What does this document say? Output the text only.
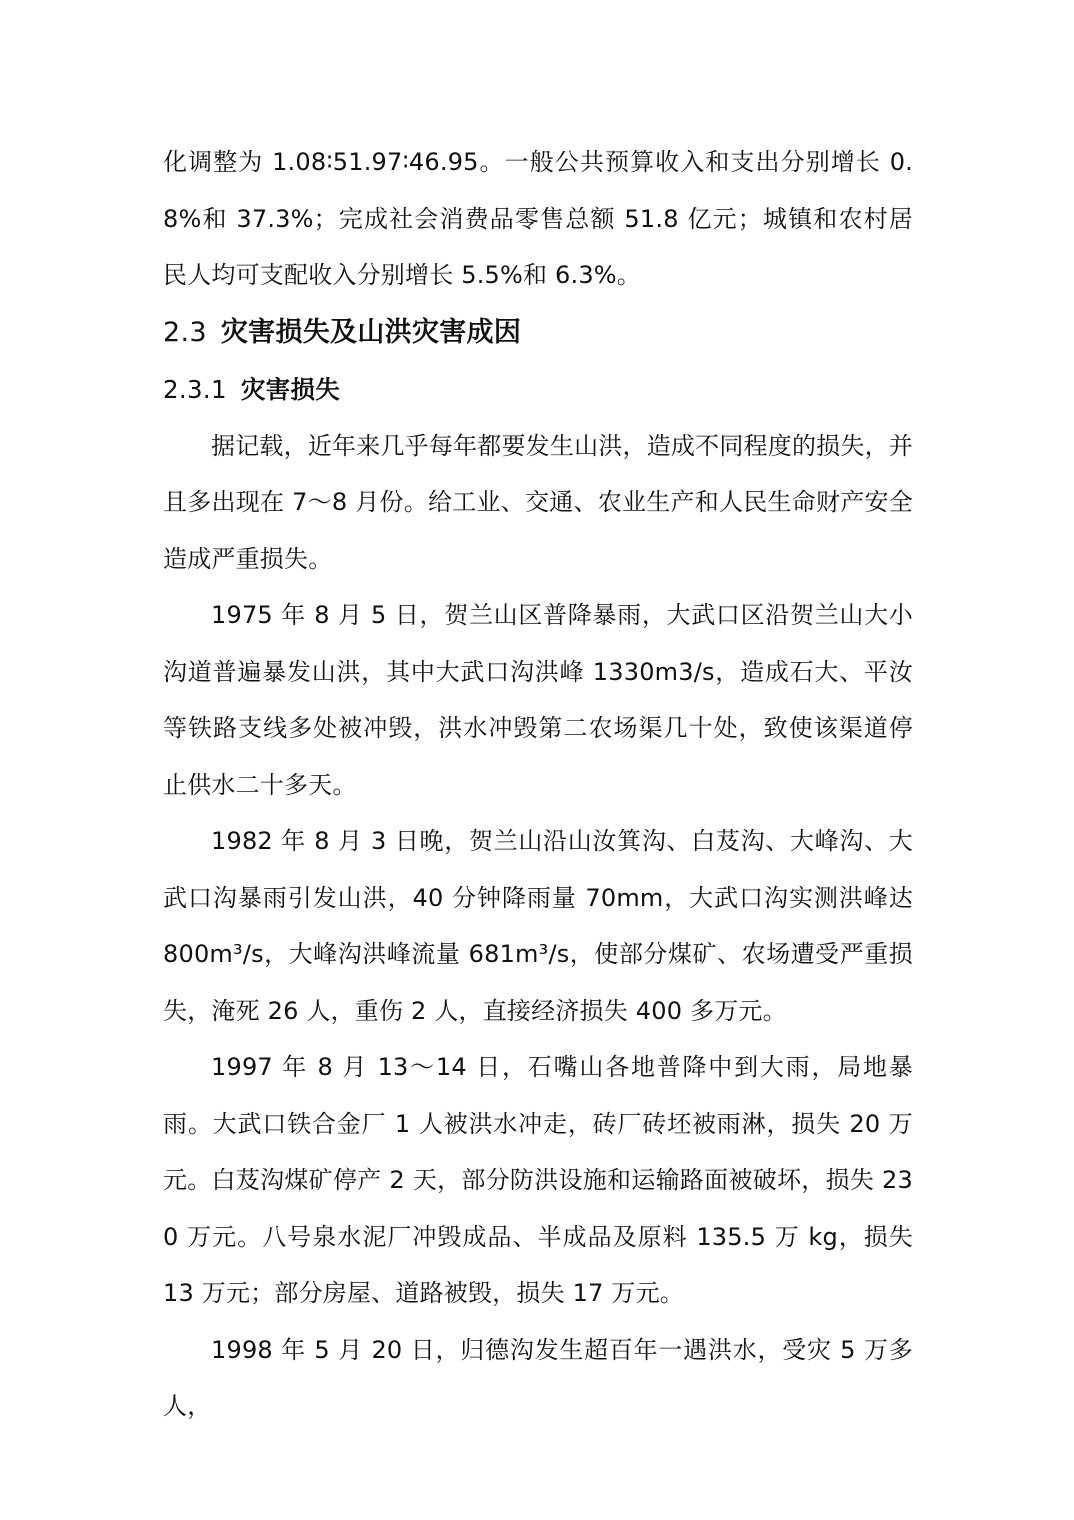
化调整为 1.08∶51.97∶46.95。一般公共预算收入和支出分别增长 0.8%和 37.3%；完成社会消费品零售总额 51.8 亿元；城镇和农村居民人均可支配收入分别增长 5.5%和 6.3%。

2.3 灾害损失及山洪灾害成因
2.3.1 灾害损失

据记载，近年来几乎每年都要发生山洪，造成不同程度的损失，并且多出现在 7～8 月份。给工业、交通、农业生产和人民生命财产安全造成严重损失。

1975 年 8 月 5 日，贺兰山区普降暴雨，大武口区沿贺兰山大小沟道普遍暴发山洪，其中大武口沟洪峰 1330m3/s，造成石大、平汝等铁路支线多处被冲毁，洪水冲毁第二农场渠几十处，致使该渠道停止供水二十多天。

1982 年 8 月 3 日晚，贺兰山沿山汝箕沟、白芨沟、大峰沟、大武口沟暴雨引发山洪，40 分钟降雨量 70mm，大武口沟实测洪峰达 800m³/s，大峰沟洪峰流量 681m³/s，使部分煤矿、农场遭受严重损失，淹死 26 人，重伤 2 人，直接经济损失 400 多万元。

1997 年 8 月 13～14 日，石嘴山各地普降中到大雨，局地暴雨。大武口铁合金厂 1 人被洪水冲走，砖厂砖坯被雨淋，损失 20 万元。白芨沟煤矿停产 2 天，部分防洪设施和运输路面被破坏，损失 230 万元。八号泉水泥厂冲毁成品、半成品及原料 135.5 万 kg，损失 13 万元；部分房屋、道路被毁，损失 17 万元。

1998 年 5 月 20 日，归德沟发生超百年一遇洪水，受灾 5 万多人，
